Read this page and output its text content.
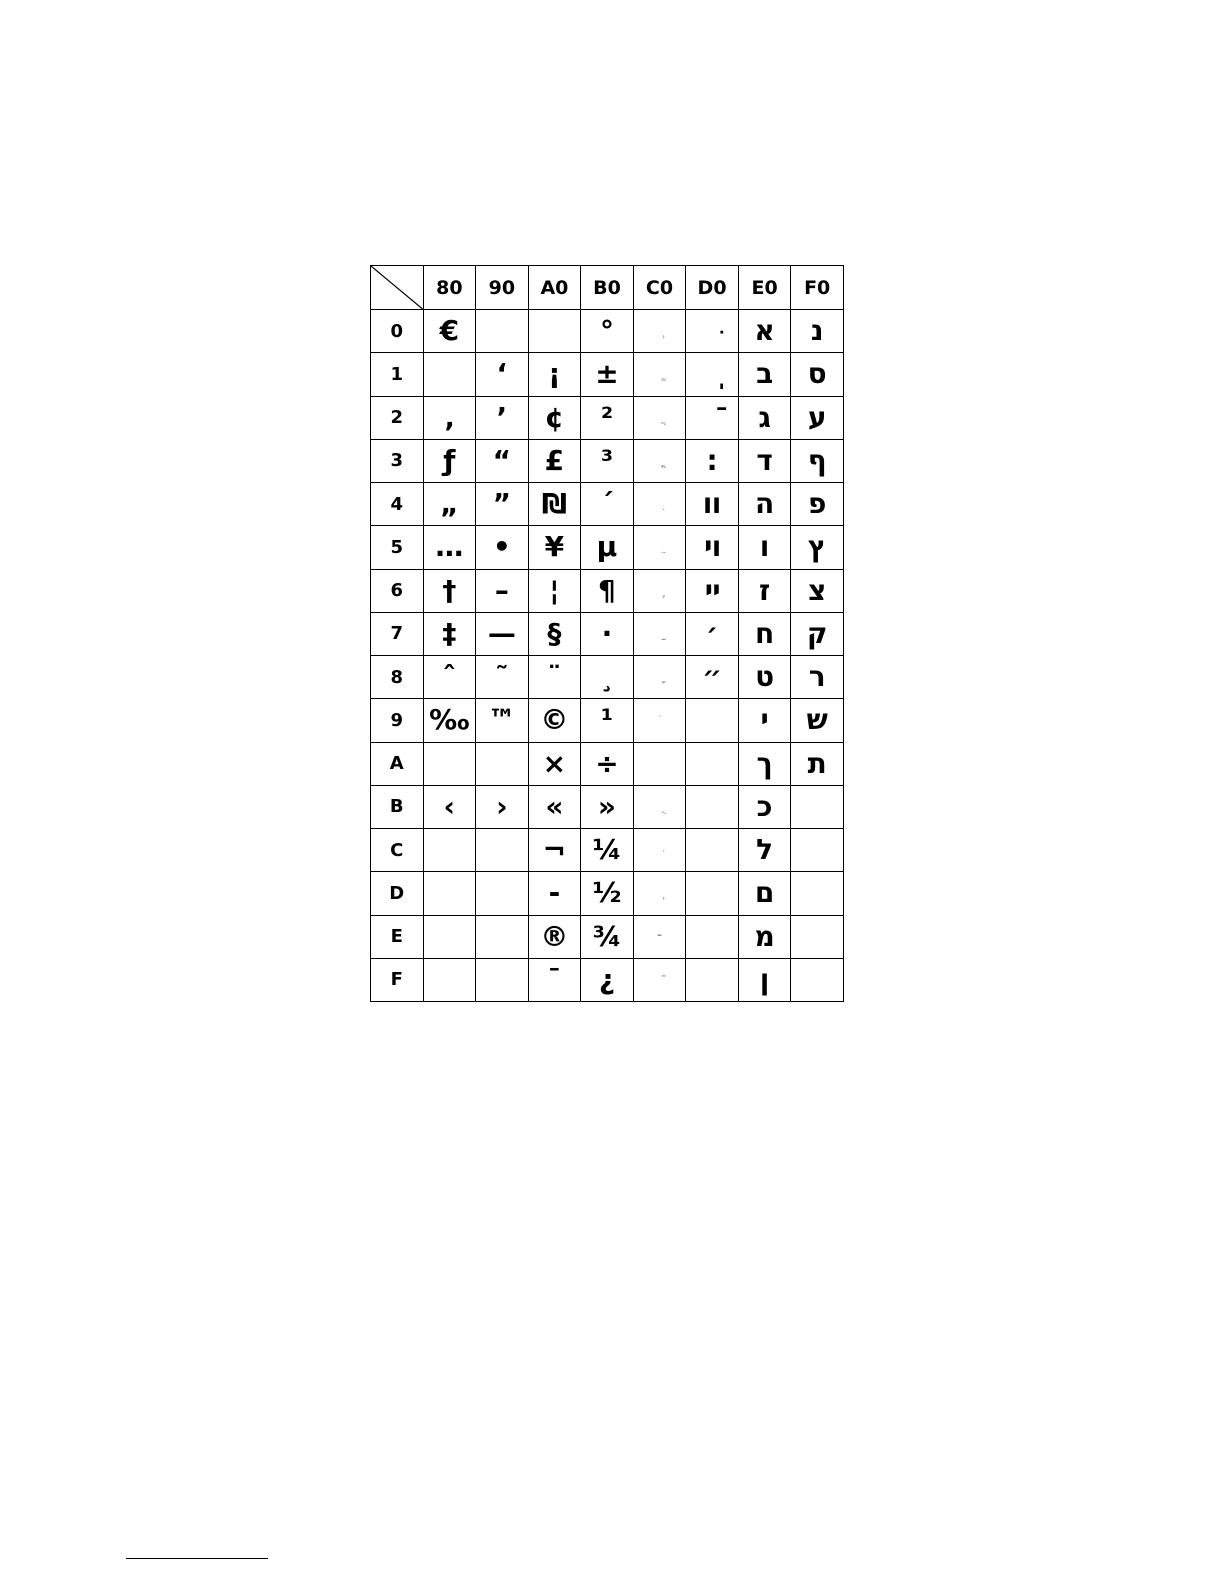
	80	90	A0	B0	C0	D0	E0	F0
0	€			°			א	נ
1		‘	¡	±			ב	ס
2	‚	’	¢	²			ג	ע
3	ƒ	“	£	³		׃	ד	ף
4	„	”	₪	´		װ	ה	פ
5	…	•	¥	µ		ױ	ו	ץ
6	†	–	¦	¶		ײ	ז	צ
7	‡	—	§	·		׳	ח	ק
8	ˆ	˜	¨	¸		״	ט	ר
9	‰	™	©	¹			י	ש
A			×	÷			ך	ת
B	‹	›	«	»			כ	
C			¬	¼			ל	
D			-	½			ם	
E			®	¾	־		מ	
F			¯	¿			ן	
